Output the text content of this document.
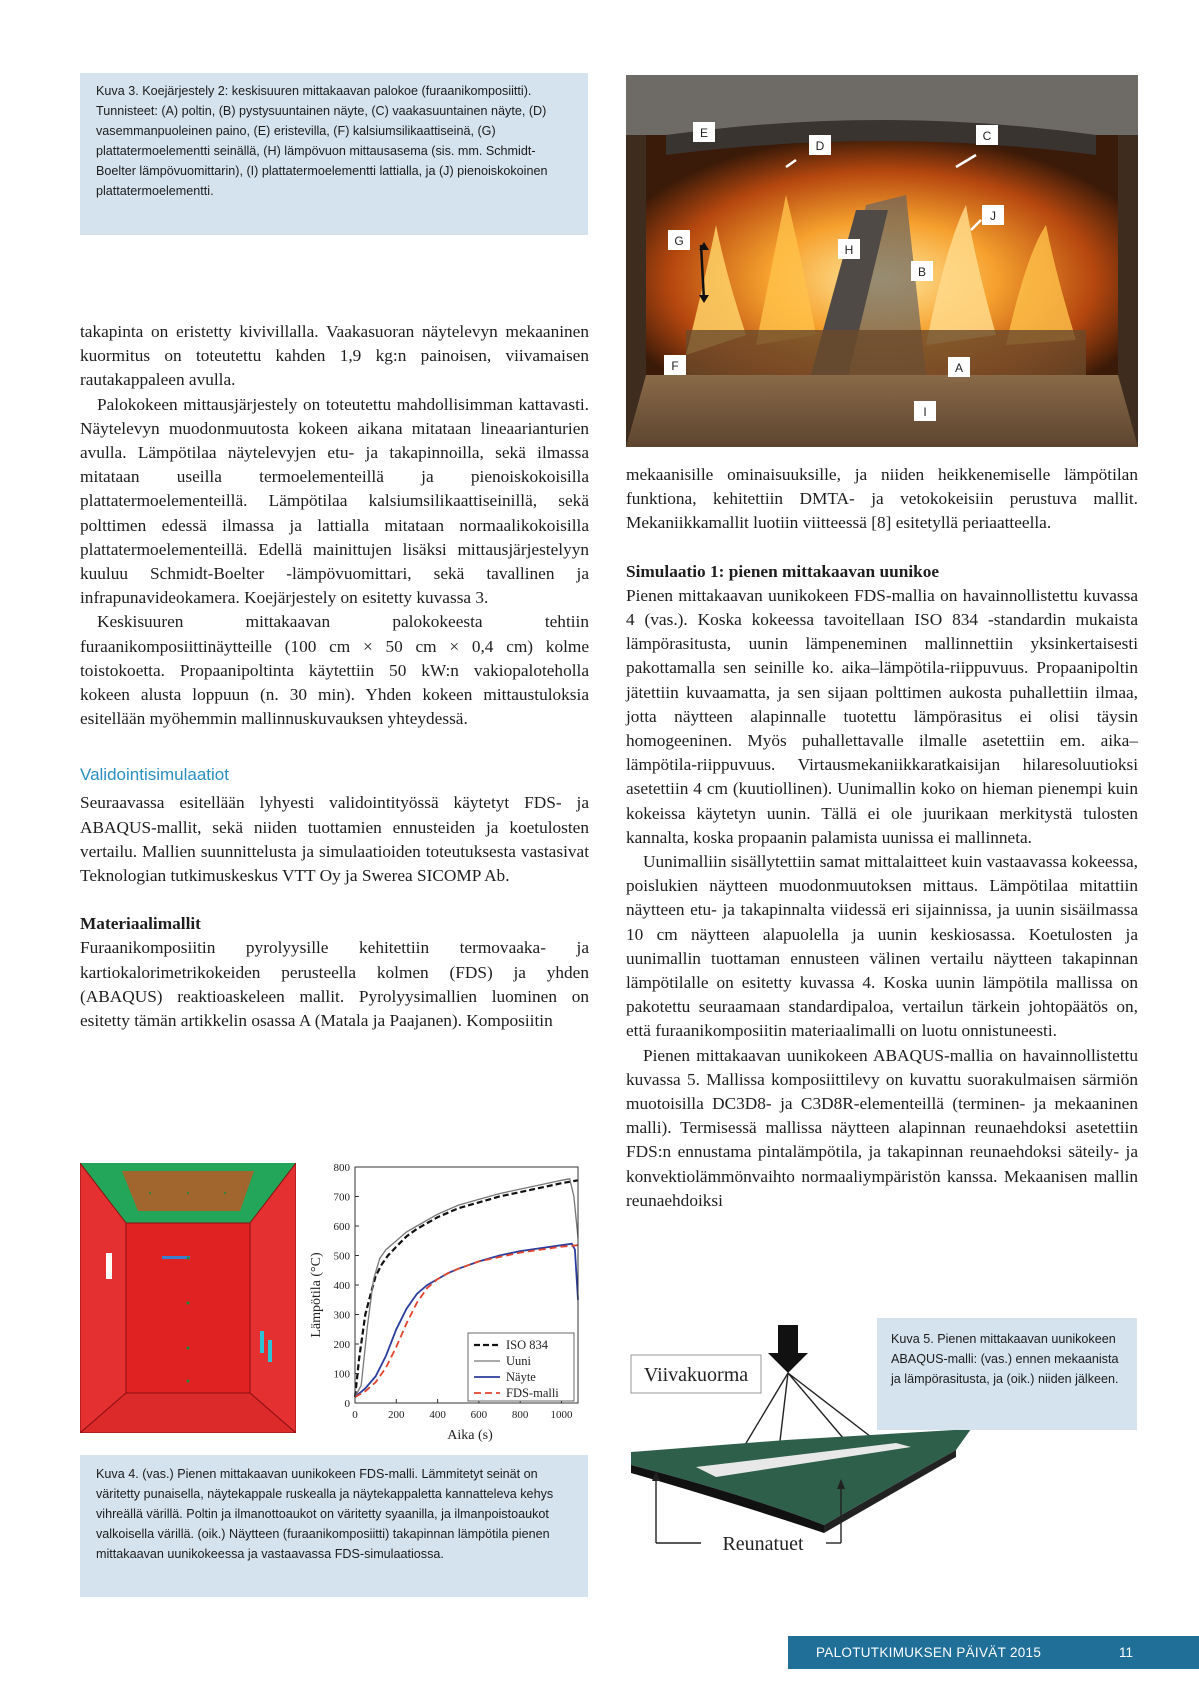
Kuva 3. Koejärjestely 2: keskisuuren mittakaavan palokoe (furaanikomposiitti). Tunnisteet: (A) poltin, (B) pystysuuntainen näyte, (C) vaakasuuntainen näyte, (D) vasemmanpuoleinen paino, (E) eristevilla, (F) kalsiumsilikaattiseinä, (G) plattatermoelementti seinällä, (H) lämpövuon mittausasema (sis. mm. Schmidt-Boelter lämpövuomittarin), (I) plattatermoelementti lattialla, ja (J) pienoiskokoinen plattatermoelementti.

E
D
C
J
G
H
B
F	A
I

takapinta on eristetty kivivillalla. Vaakasuoran näytelevyn mekaaninen kuormitus on toteutettu kahden 1,9 kg:n painoisen, viivamaisen rautakappaleen avulla.

Palokokeen mittausjärjestely on toteutettu mahdollisimman kattavasti. Näytelevyn muodonmuutosta kokeen aikana mitataan lineaarianturien avulla. Lämpötilaa näytelevyjen etu- ja takapinnoilla, sekä ilmassa mitataan useilla termoelementeillä ja pienoiskokoisilla plattatermoelementeillä. Lämpötilaa kalsiumsilikaattiseinillä, sekä polttimen edessä ilmassa ja lattialla mitataan normaalikokoisilla plattatermoelementeillä. Edellä mainittujen lisäksi mittausjärjestelyyn kuuluu Schmidt-Boelter -lämpövuomittari, sekä tavallinen ja infrapunavideokamera. Koejärjestely on esitetty kuvassa 3.

Keskisuuren mittakaavan palokokeesta tehtiin furaanikomposiittinäytteille (100 cm × 50 cm × 0,4 cm) kolme toistokoetta. Propaanipoltinta käytettiin 50 kW:n vakiopaloteholla kokeen alusta loppuun (n. 30 min). Yhden kokeen mittaustuloksia esitellään myöhemmin mallinnuskuvauksen yhteydessä.

Validointisimulaatiot

Seuraavassa esitellään lyhyesti validointityössä käytetyt FDS- ja ABAQUS-mallit, sekä niiden tuottamien ennusteiden ja koetulosten vertailu. Mallien suunnittelusta ja simulaatioiden toteutuksesta vastasivat Teknologian tutkimuskeskus VTT Oy ja Swerea SICOMP Ab.

Materiaalimallit

Furaanikomposiitin pyrolyysille kehitettiin termovaaka- ja kartiokalorimetrikokeiden perusteella kolmen (FDS) ja yhden (ABAQUS) reaktioaskeleen mallit. Pyrolyysimallien luominen on esitetty tämän artikkelin osassa A (Matala ja Paajanen). Komposiitin

mekaanisille ominaisuuksille, ja niiden heikkenemiselle lämpötilan funktiona, kehitettiin DMTA- ja vetokokeisiin perustuva mallit. Mekaniikkamallit luotiin viitteessä [8] esitetyllä periaatteella.

Simulaatio 1: pienen mittakaavan uunikoe

Pienen mittakaavan uunikokeen FDS-mallia on havainnollistettu kuvassa 4 (vas.). Koska kokeessa tavoitellaan ISO 834 -standardin mukaista lämpörasitusta, uunin lämpeneminen mallinnettiin yksinkertaisesti pakottamalla sen seinille ko. aika–lämpötila-riippuvuus. Propaanipoltin jätettiin kuvaamatta, ja sen sijaan polttimen aukosta puhallettiin ilmaa, jotta näytteen alapinnalle tuotettu lämpörasitus ei olisi täysin homogeeninen. Myös puhallettavalle ilmalle asetettiin em. aika–lämpötila-riippuvuus. Virtausmekaniikkaratkaisijan hilaresoluutioksi asetettiin 4 cm (kuutiollinen). Uunimallin koko on hieman pienempi kuin kokeissa käytetyn uunin. Tällä ei ole juurikaan merkitystä tulosten kannalta, koska propaanin palamista uunissa ei mallinneta.

Uunimalliin sisällytettiin samat mittalaitteet kuin vastaavassa kokeessa, poislukien näytteen muodonmuutoksen mittaus. Lämpötilaa mitattiin näytteen etu- ja takapinnalta viidessä eri sijainnissa, ja uunin sisäilmassa 10 cm näytteen alapuolella ja uunin keskiosassa. Koetulosten ja uunimallin tuottaman ennusteen välinen vertailu näytteen takapinnan lämpötilalle on esitetty kuvassa 4. Koska uunin lämpötila mallissa on pakotettu seuraamaan standardipaloa, vertailun tärkein johtopäätös on, että furaanikomposiitin materiaalimalli on luotu onnistuneesti.

Pienen mittakaavan uunikokeen ABAQUS-mallia on havainnollistettu kuvassa 5. Mallissa komposiittilevy on kuvattu suorakulmaisen särmiön muotoisilla DC3D8- ja C3D8R-elementeillä (terminen- ja mekaaninen malli). Termisessä mallissa näytteen alapinnan reunaehdoksi asetettiin FDS:n ennustama pintalämpötila, ja takapinnan reunaehdoksi säteily- ja konvektiolämmönvaihto normaaliympäristön kanssa. Mekaanisen mallin reunaehdoiksi

0
100
200
300
400
500
600
700
800
0	200 400 600 800 1000
Aika (s)
Lämpötila (°C)
ISO 834
Uuni
Näyte
FDS-malli

Kuva 4. (vas.) Pienen mittakaavan uunikokeen FDS-malli. Lämmitetyt seinät on väritetty punaisella, näytekappale ruskealla ja näytekappaletta kannatteleva kehys vihreällä värillä. Poltin ja ilmanottoaukot on väritetty syaanilla, ja ilmanpoistoaukot valkoisella värillä. (oik.) Näytteen (furaanikomposiitti) takapinnan lämpötila pienen mittakaavan uunikokeessa ja vastaavassa FDS-simulaatiossa.

Viivakuorma
Reunatuet

Kuva 5. Pienen mittakaavan uunikokeen ABAQUS-malli: (vas.) ennen mekaanista ja lämpörasitusta, ja (oik.) niiden jälkeen.

PALOTUTKIMUKSEN PÄIVÄT 2015	11
